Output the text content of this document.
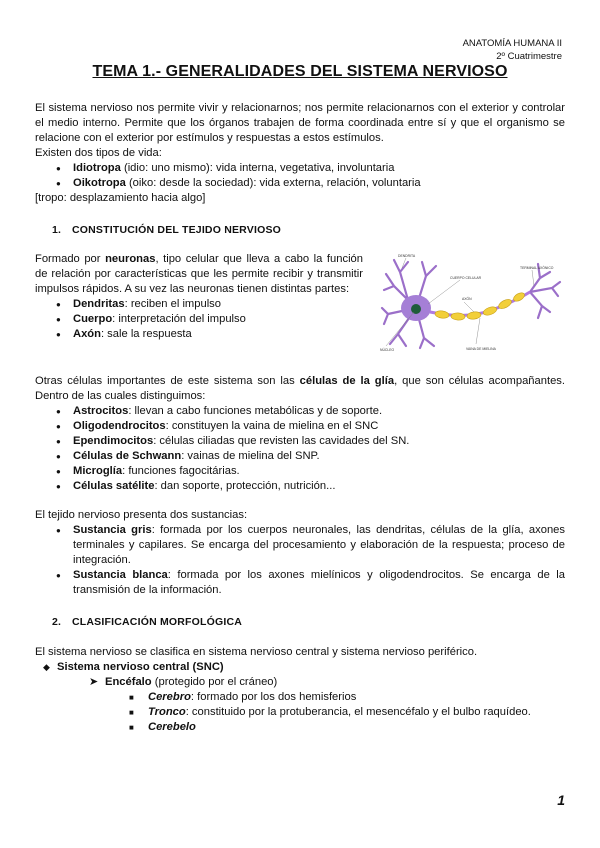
ANATOMÍA HUMANA II
2º Cuatrimestre
TEMA 1.- GENERALIDADES DEL SISTEMA NERVIOSO

El sistema nervioso nos permite vivir y relacionarnos; nos permite relacionarnos con el exterior y controlar el medio interno. Permite que los órganos trabajen de forma coordinada entre sí y que el organismo se relacione con el exterior por estímulos y respuestas a estos estímulos.

Existen dos tipos de vida:

● Idiotropa (idio: uno mismo): vida interna, vegetativa, involuntaria
● Oikotropa (oiko: desde la sociedad): vida externa, relación, voluntaria

[tropo: desplazamiento hacia algo]

1. CONSTITUCIÓN DEL TEJIDO NERVIOSO

Formado por neuronas, tipo celular que lleva a cabo la función de relación por características que les permite recibir y transmitir impulsos rápidos. A su vez las neuronas tienen distintas partes:

● Dendritas: reciben el impulso
● Cuerpo: interpretación del impulso
● Axón: sale la respuesta
DENDRITA
CUERPO CELULAR
AXÓN
NÚCLEO	VAINA DE MIELINA
TERMINAL AXÓNICO

Otras células importantes de este sistema son las células de la glía, que son células acompañantes. Dentro de las cuales distinguimos:

● Astrocitos: llevan a cabo funciones metabólicas y de soporte.
● Oligodendrocitos: constituyen la vaina de mielina en el SNC
● Ependimocitos: células ciliadas que revisten las cavidades del SN.
● Células de Schwann: vainas de mielina del SNP.
● Microglía: funciones fagocitárias.
● Células satélite: dan soporte, protección, nutrición...

El tejido nervioso presenta dos sustancias:

● Sustancia gris: formada por los cuerpos neuronales, las dendritas, células de la glía, axones terminales y capilares. Se encarga del procesamiento y elaboración de la respuesta; proceso de integración.
● Sustancia blanca: formada por los axones mielínicos y oligodendrocitos. Se encarga de la transmisión de la información.
2. CLASIFICACIÓN MORFOLÓGICA

El sistema nervioso se clasifica en sistema nervioso central y sistema nervioso periférico.

◆ Sistema nervioso central (SNC)
➤ Encéfalo (protegido por el cráneo)
■ Cerebro: formado por los dos hemisferios
■ Tronco: constituido por la protuberancia, el mesencéfalo y el bulbo raquídeo.
■ Cerebelo
1
